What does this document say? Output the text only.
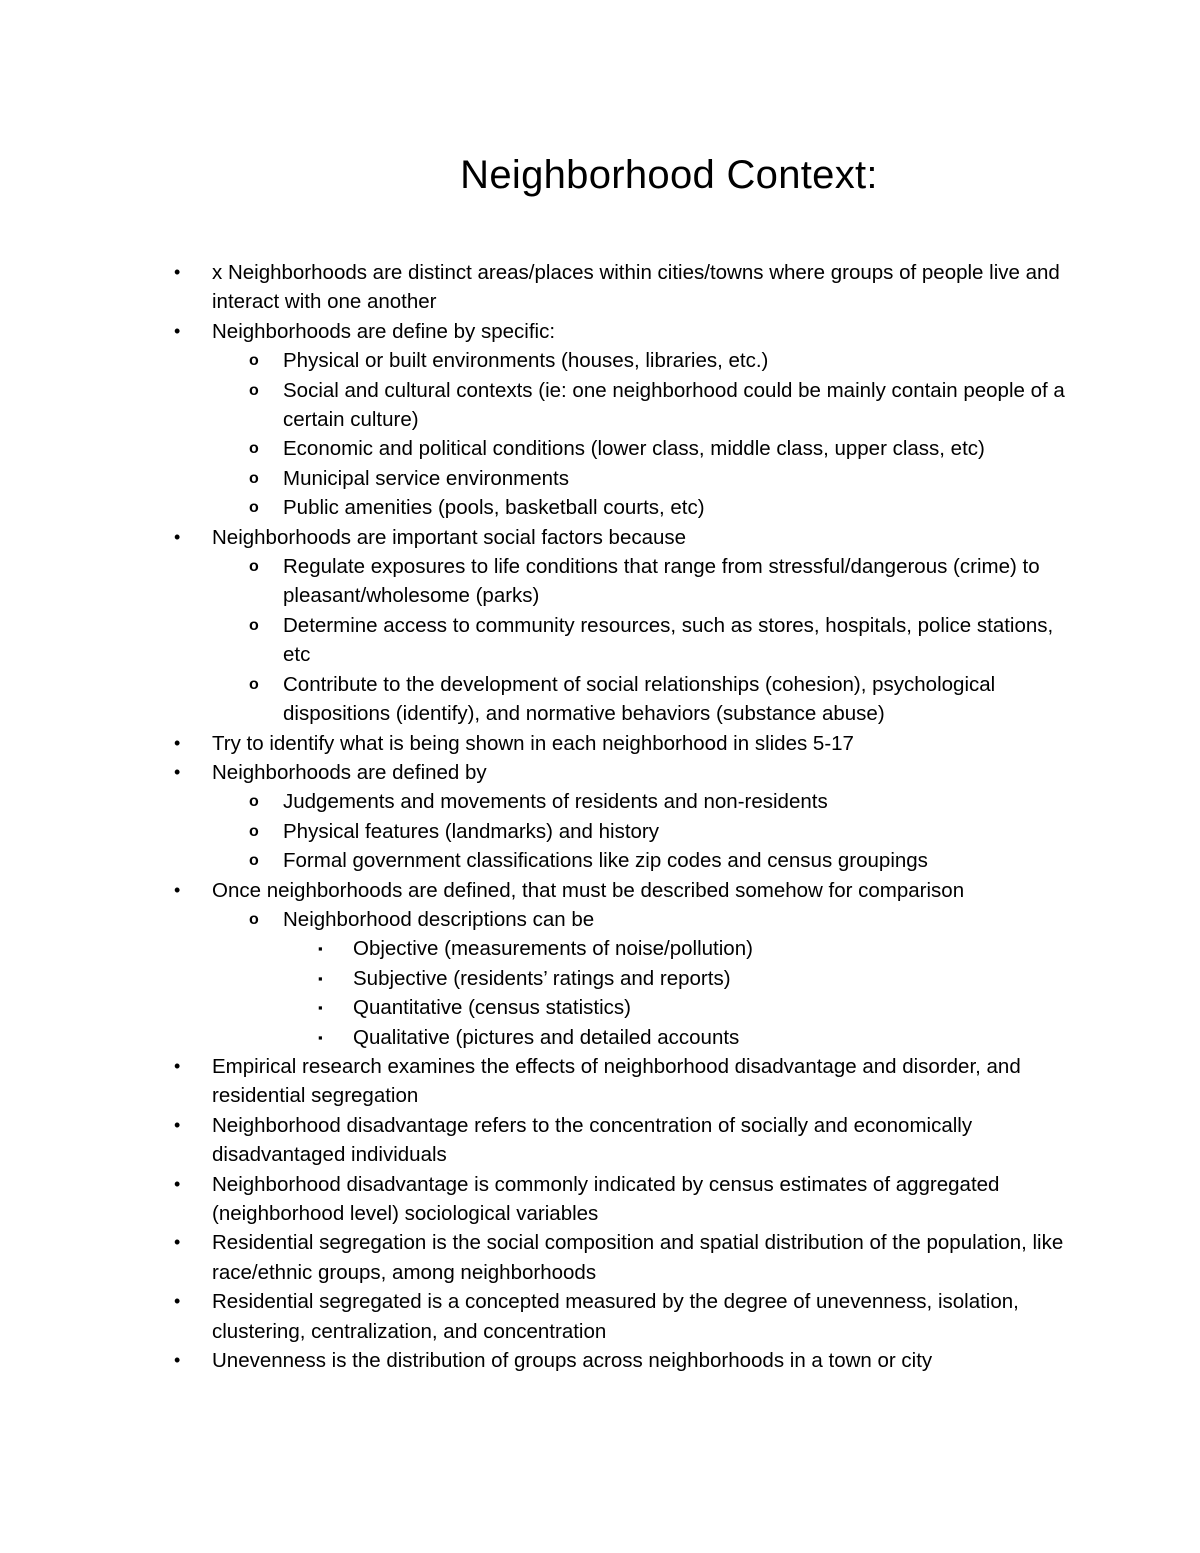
Neighborhood Context:
• x Neighborhoods are distinct areas/places within cities/towns where groups of people live and interact with one another
• Neighborhoods are define by specific:
o Physical or built environments (houses, libraries, etc.)
o Social and cultural contexts (ie: one neighborhood could be mainly contain people of a certain culture)
o Economic and political conditions (lower class, middle class, upper class, etc)
o Municipal service environments
o Public amenities (pools, basketball courts, etc)
• Neighborhoods are important social factors because
o Regulate exposures to life conditions that range from stressful/dangerous (crime) to pleasant/wholesome (parks)
o Determine access to community resources, such as stores, hospitals, police stations, etc
o Contribute to the development of social relationships (cohesion), psychological dispositions (identify), and normative behaviors (substance abuse)
• Try to identify what is being shown in each neighborhood in slides 5-17
• Neighborhoods are defined by
o Judgements and movements of residents and non-residents
o Physical features (landmarks) and history
o Formal government classifications like zip codes and census groupings
• Once neighborhoods are defined, that must be described somehow for comparison
o Neighborhood descriptions can be
▪ Objective (measurements of noise/pollution)
▪ Subjective (residents’ ratings and reports)
▪ Quantitative (census statistics)
▪ Qualitative (pictures and detailed accounts
• Empirical research examines the effects of neighborhood disadvantage and disorder, and residential segregation
• Neighborhood disadvantage refers to the concentration of socially and economically disadvantaged individuals
• Neighborhood disadvantage is commonly indicated by census estimates of aggregated (neighborhood level) sociological variables
• Residential segregation is the social composition and spatial distribution of the population, like race/ethnic groups, among neighborhoods
• Residential segregated is a concepted measured by the degree of unevenness, isolation, clustering, centralization, and concentration
• Unevenness is the distribution of groups across neighborhoods in a town or city
